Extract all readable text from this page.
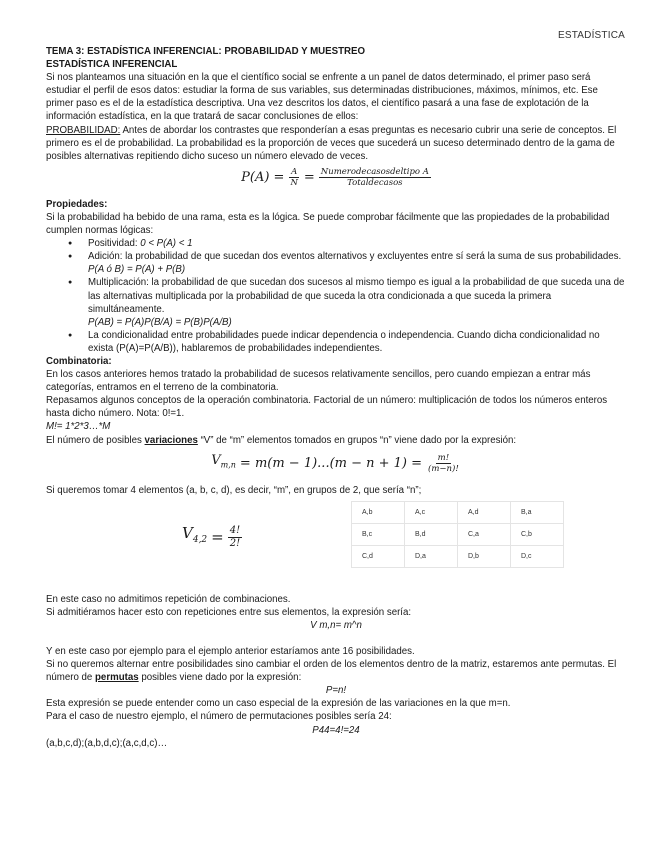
ESTADÍSTICA

TEMA 3: ESTADÍSTICA INFERENCIAL: PROBABILIDAD Y MUESTREO

ESTADÍSTICA INFERENCIAL

Si nos planteamos una situación en la que el científico social se enfrente a un panel de datos determinado, el primer paso será estudiar el perfil de esos datos: estudiar la forma de sus variables, sus determinadas distribuciones, máximos, mínimos, etc. Ese primer paso es el de la estadística descriptiva. Una vez descritos los datos, el científico pasará a una fase de explotación de la información estadística, en la que tratará de sacar conclusiones de ellos:

PROBABILIDAD: Antes de abordar los contrastes que responderían a esas preguntas es necesario cubrir una serie de conceptos. El primero es el de probabilidad. La probabilidad es la proporción de veces que sucederá un suceso determinado dentro de la gama de posibles alternativas repitiendo dicho suceso un número elevado de veces.

$P(A) = \frac{A}{N} = \frac{\text{Numerodecasosdeltipo A}}{\text{Totaldecasos}}$

Propiedades:

Si la probabilidad ha bebido de una rama, esta es la lógica. Se puede comprobar fácilmente que las propiedades de la probabilidad cumplen normas lógicas:

● Positividad: 0 < P(A) < 1
● Adición: la probabilidad de que sucedan dos eventos alternativos y excluyentes entre sí será la suma de sus probabilidades.
P(A ó B) = P(A) + P(B)
● Multiplicación: la probabilidad de que sucedan dos sucesos al mismo tiempo es igual a la probabilidad de que suceda una de las alternativas multiplicada por la probabilidad de que suceda la otra condicionada a que suceda la primera simultáneamente.
P(AB) = P(A)P(B/A) = P(B)P(A/B)
● La condicionalidad entre probabilidades puede indicar dependencia o independencia. Cuando dicha condicionalidad no exista (P(A)=P(A/B)), hablaremos de probabilidades independientes.

Combinatoria:

En los casos anteriores hemos tratado la probabilidad de sucesos relativamente sencillos, pero cuando empiezan a entrar más categorías, entramos en el terreno de la combinatoria.

Repasamos algunos conceptos de la operación combinatoria. Factorial de un número: multiplicación de todos los números enteros hasta dicho número. Nota: 0!=1.

M!= 1*2*3…*M

El número de posibles variaciones “V” de “m” elementos tomados en grupos “n” viene dado por la expresión:

$V_{m,n} = m(m - 1)...(m - n + 1) = \frac{m!}{(m-n)!}$

Si queremos tomar 4 elementos (a, b, c, d), es decir, “m”, en grupos de 2, que sería “n”;

$V_{4,2} = \frac{4!}{2!}$
A,b	A,c	A,d	B,a
B,c	B,d	C,a	C,b
C,d	D,a	D,b	D,c

En este caso no admitimos repetición de combinaciones.

Si admitiéramos hacer esto con repeticiones entre sus elementos, la expresión sería:

V m,n= m^n

Y en este caso por ejemplo para el ejemplo anterior estaríamos ante 16 posibilidades.

Si no queremos alternar entre posibilidades sino cambiar el orden de los elementos dentro de la matriz, estaremos ante permutas. El número de permutas posibles viene dado por la expresión:

P=n!

Esta expresión se puede entender como un caso especial de la expresión de las variaciones en la que m=n.

Para el caso de nuestro ejemplo, el número de permutaciones posibles sería 24:

P44=4!=24

(a,b,c,d);(a,b,d,c);(a,c,d,c)…
